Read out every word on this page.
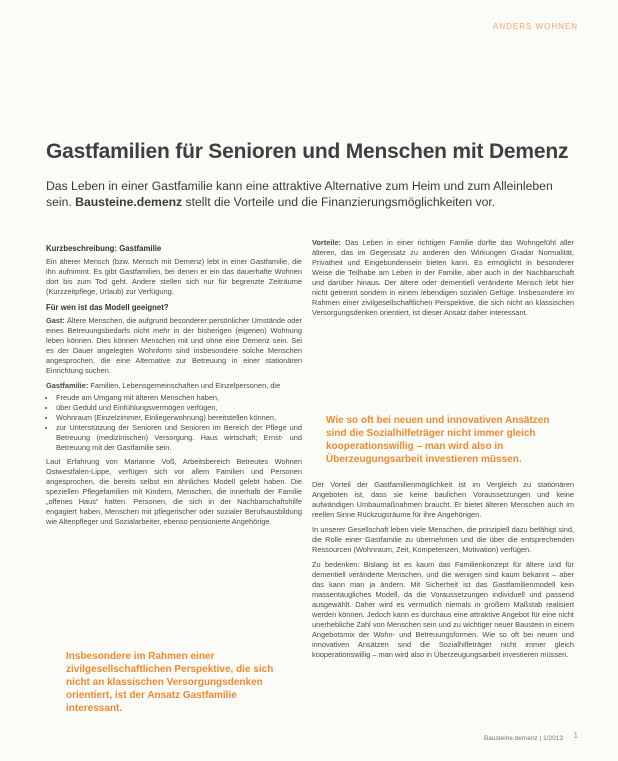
ANDERS WOHNEN
Gastfamilien für Senioren und Menschen mit Demenz
Das Leben in einer Gastfamilie kann eine attraktive Alternative zum Heim und zum Alleinleben sein. Bausteine.demenz stellt die Vorteile und die Finanzierungsmöglichkeiten vor.
Kurzbeschreibung: Gastfamilie

Ein älterer Mensch (bzw. Mensch mit Demenz) lebt in einer Gastfamilie, die ihn aufnimmt. Es gibt Gastfamilien, bei denen er ein das dauerhafte Wohnen dort bis zum Tod geht. Andere stellen sich nur für begrenzte Zeiträume (Kurzzeitpflege, Urlaub) zur Verfügung.

Für wen ist das Modell geeignet?

Gast: Ältere Menschen, die aufgrund besonderer persönlicher Umstände oder eines Betreuungsbedarfs nicht mehr in der bisherigen (eigenen) Wohnung leben können. Dies können Menschen mit und ohne eine Demenz sein. Sei es der Dauer angelegten Wohnform sind insbesondere solche Menschen angesprochen, die eine Alternative zur Betreuung in einer stationären Einrichtung suchen.

Gastfamilie: Familien, Lebensgemeinschaften und Einzelpersonen, die

• Freude am Umgang mit älteren Menschen haben,
• über Geduld und Einfühlungsvermögen verfügen,
• Wohnraum (Einzelzimmer, Einliegerwohnung) bereitstellen können,
• zur Unterstützung der Senioren und Senioren im Bereich der Pflege und Betreuung (medizinischen) Versorgung. Haus wirtschaft; Ernst- und Betreuung mit der Gastfamilie sein.

Laut Erfahrung von Marianne Voß, Arbeitsbereich Betreutes Wohnen Ostwestfalen-Lippe, verfügen sich vor allem Familien und Personen angesprochen, die bereits selbst ein ähnliches Modell gelebt haben. Die speziellen Pflegefamilien mit Kindern, Menschen, die innerhalb der Familie „offenes Haus“ hatten. Personen, die sich in der Nachbarschaftshilfe engagiert haben, Menschen mit pflegerischer oder sozialer Berufsausbildung wie Altenpfleger und Sozialarbeiter, ebenso pensionierte Angehörige.

Insbesondere im Rahmen einer zivilgesellschaftlichen Perspektive, die sich nicht an klassischen Versorgungsdenken orientiert, ist der Ansatz Gastfamilie interessant.

Vorteile: Das Leben in einer richtigen Familie dürfte das Wohngefühl aller älteren, das im Gegensatz zu anderen den Wirkungen Gradar Normalität, Privatheit und Eingebundensein bieten kann. Es ermöglicht in besonderer Weise die Teilhabe am Leben in der Familie, aber auch in der Nachbarschaft und darüber hinaus. Der ältere oder dementiell veränderte Mensch lebt hier nicht getrennt sondern in einem lebendigen sozialen Gefüge. Insbesondere im Rahmen einer zivilgesellschaftlichen Perspektive, die sich nicht an klassischen Versorgungsdenken orientiert, ist dieser Ansatz daher interessant.

Wie so oft bei neuen und innovativen Ansätzen sind die Sozialhilfeträger nicht immer gleich kooperationswillig – man wird also in Überzeugungsarbeit investieren müssen.

Der Vorteil der Gastfamilienmöglichkeit ist im Vergleich zu stationären Angeboten ist, dass sie keine baulichen Voraussetzungen und keine aufwändigen Umbaumaßnahmen braucht. Er bietet älteren Menschen auch im reellen Sinne Rückzugsräume für ihre Angehörigen.

In unserer Gesellschaft leben viele Menschen, die prinzipiell dazu befähigt sind, die Rolle einer Gastfamilie zu übernehmen und die über die entsprechenden Ressourcen (Wohnraum, Zeit, Kompetenzen, Motivation) verfügen.

Zu bedenken: Bislang ist es kaum das Familienkonzept für ältere und für dementiell veränderte Menschen, und die wenigen sind kaum bekannt – aber das kann man ja ändern. Mit Sicherheit ist das Gastfamilienmodell kein massentaugliches Modell, da die Voraussetzungen individuell und passend ausgewählt. Daher wird es vermutlich niemals in großem Maßstab realisiert werden können. Jedoch kann es durchaus eine attraktive Angebot für eine nicht unerhebliche Zahl von Menschen sein und zu wichtiger neuer Baustein in einem Angebotsmix der Wohn- und Betreuungsformen. Wie so oft bei neuen und innovativen Ansätzen sind die Sozialhilfeträger nicht immer gleich kooperationswillig – man wird also in Überzeugungsarbeit investieren müssen.

Bausteine.demenz | 1/2013 1
